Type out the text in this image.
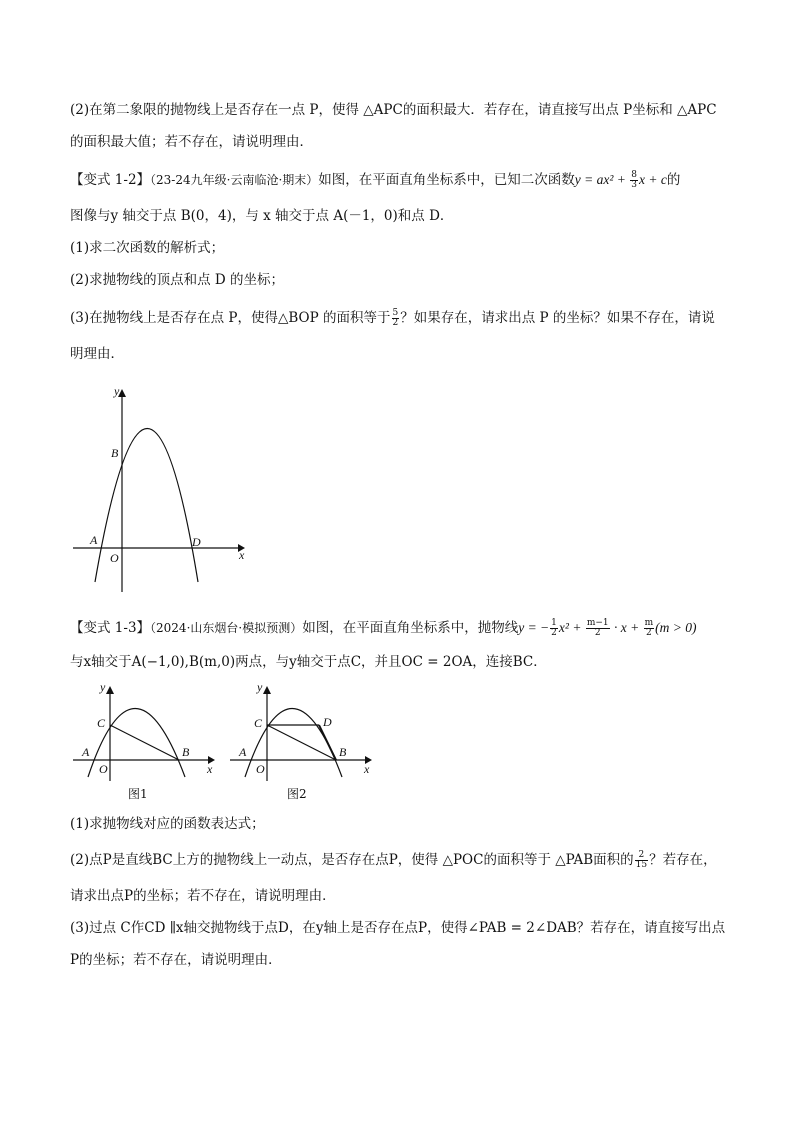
(2)在第二象限的抛物线上是否存在一点 P，使得 △APC的面积最大．若存在，请直接写出点 P坐标和 △APC
的面积最大值；若不存在，请说明理由．
【变式 1-2】（23-24九年级·云南临沧·期末）如图，在平面直角坐标系中，已知二次函数$y = ax^2 + \frac{8}{3}$ x + c的
图像与y 轴交于点 B(0，4)，与 x 轴交于点 A(－1，0)和点 D．
(1)求二次函数的解析式；
(2)求抛物线的顶点和点 D 的坐标；
(3)在抛物线上是否存在点 P，使得△BOP 的面积等于 $\frac{5}{2}$ ？如果存在，请求出点 P 的坐标？如果不存在，请说
明理由．
y
x
B
A
O
D
【变式 1-3】（2024·山东烟台·模拟预测）如图，在平面直角坐标系中，抛物线y = − $\frac{1}{2} x^2 + \frac{m-1}{2} \cdot x + \frac{m}{2} (m > 0)$
与x轴交于A(−1,0),B(m,0)两点，与y轴交于点C，并且OC = 2OA，连接BC．
y
x
C
A
O
B
图1
y
x
C	D
A
O
B
图2
(1)求抛物线对应的函数表达式；
(2)点P是直线BC上方的抛物线上一动点，是否存在点P，使得 △POC的面积等于 △PAB面积的 $\frac{2}{15}$ ？若存在，
请求出点P的坐标；若不存在，请说明理由．
(3)过点 C作CD ∥x轴交抛物线于点D，在y轴上是否存在点P，使得∠PAB = 2∠DAB？若存在，请直接写出点
P的坐标；若不存在，请说明理由．
